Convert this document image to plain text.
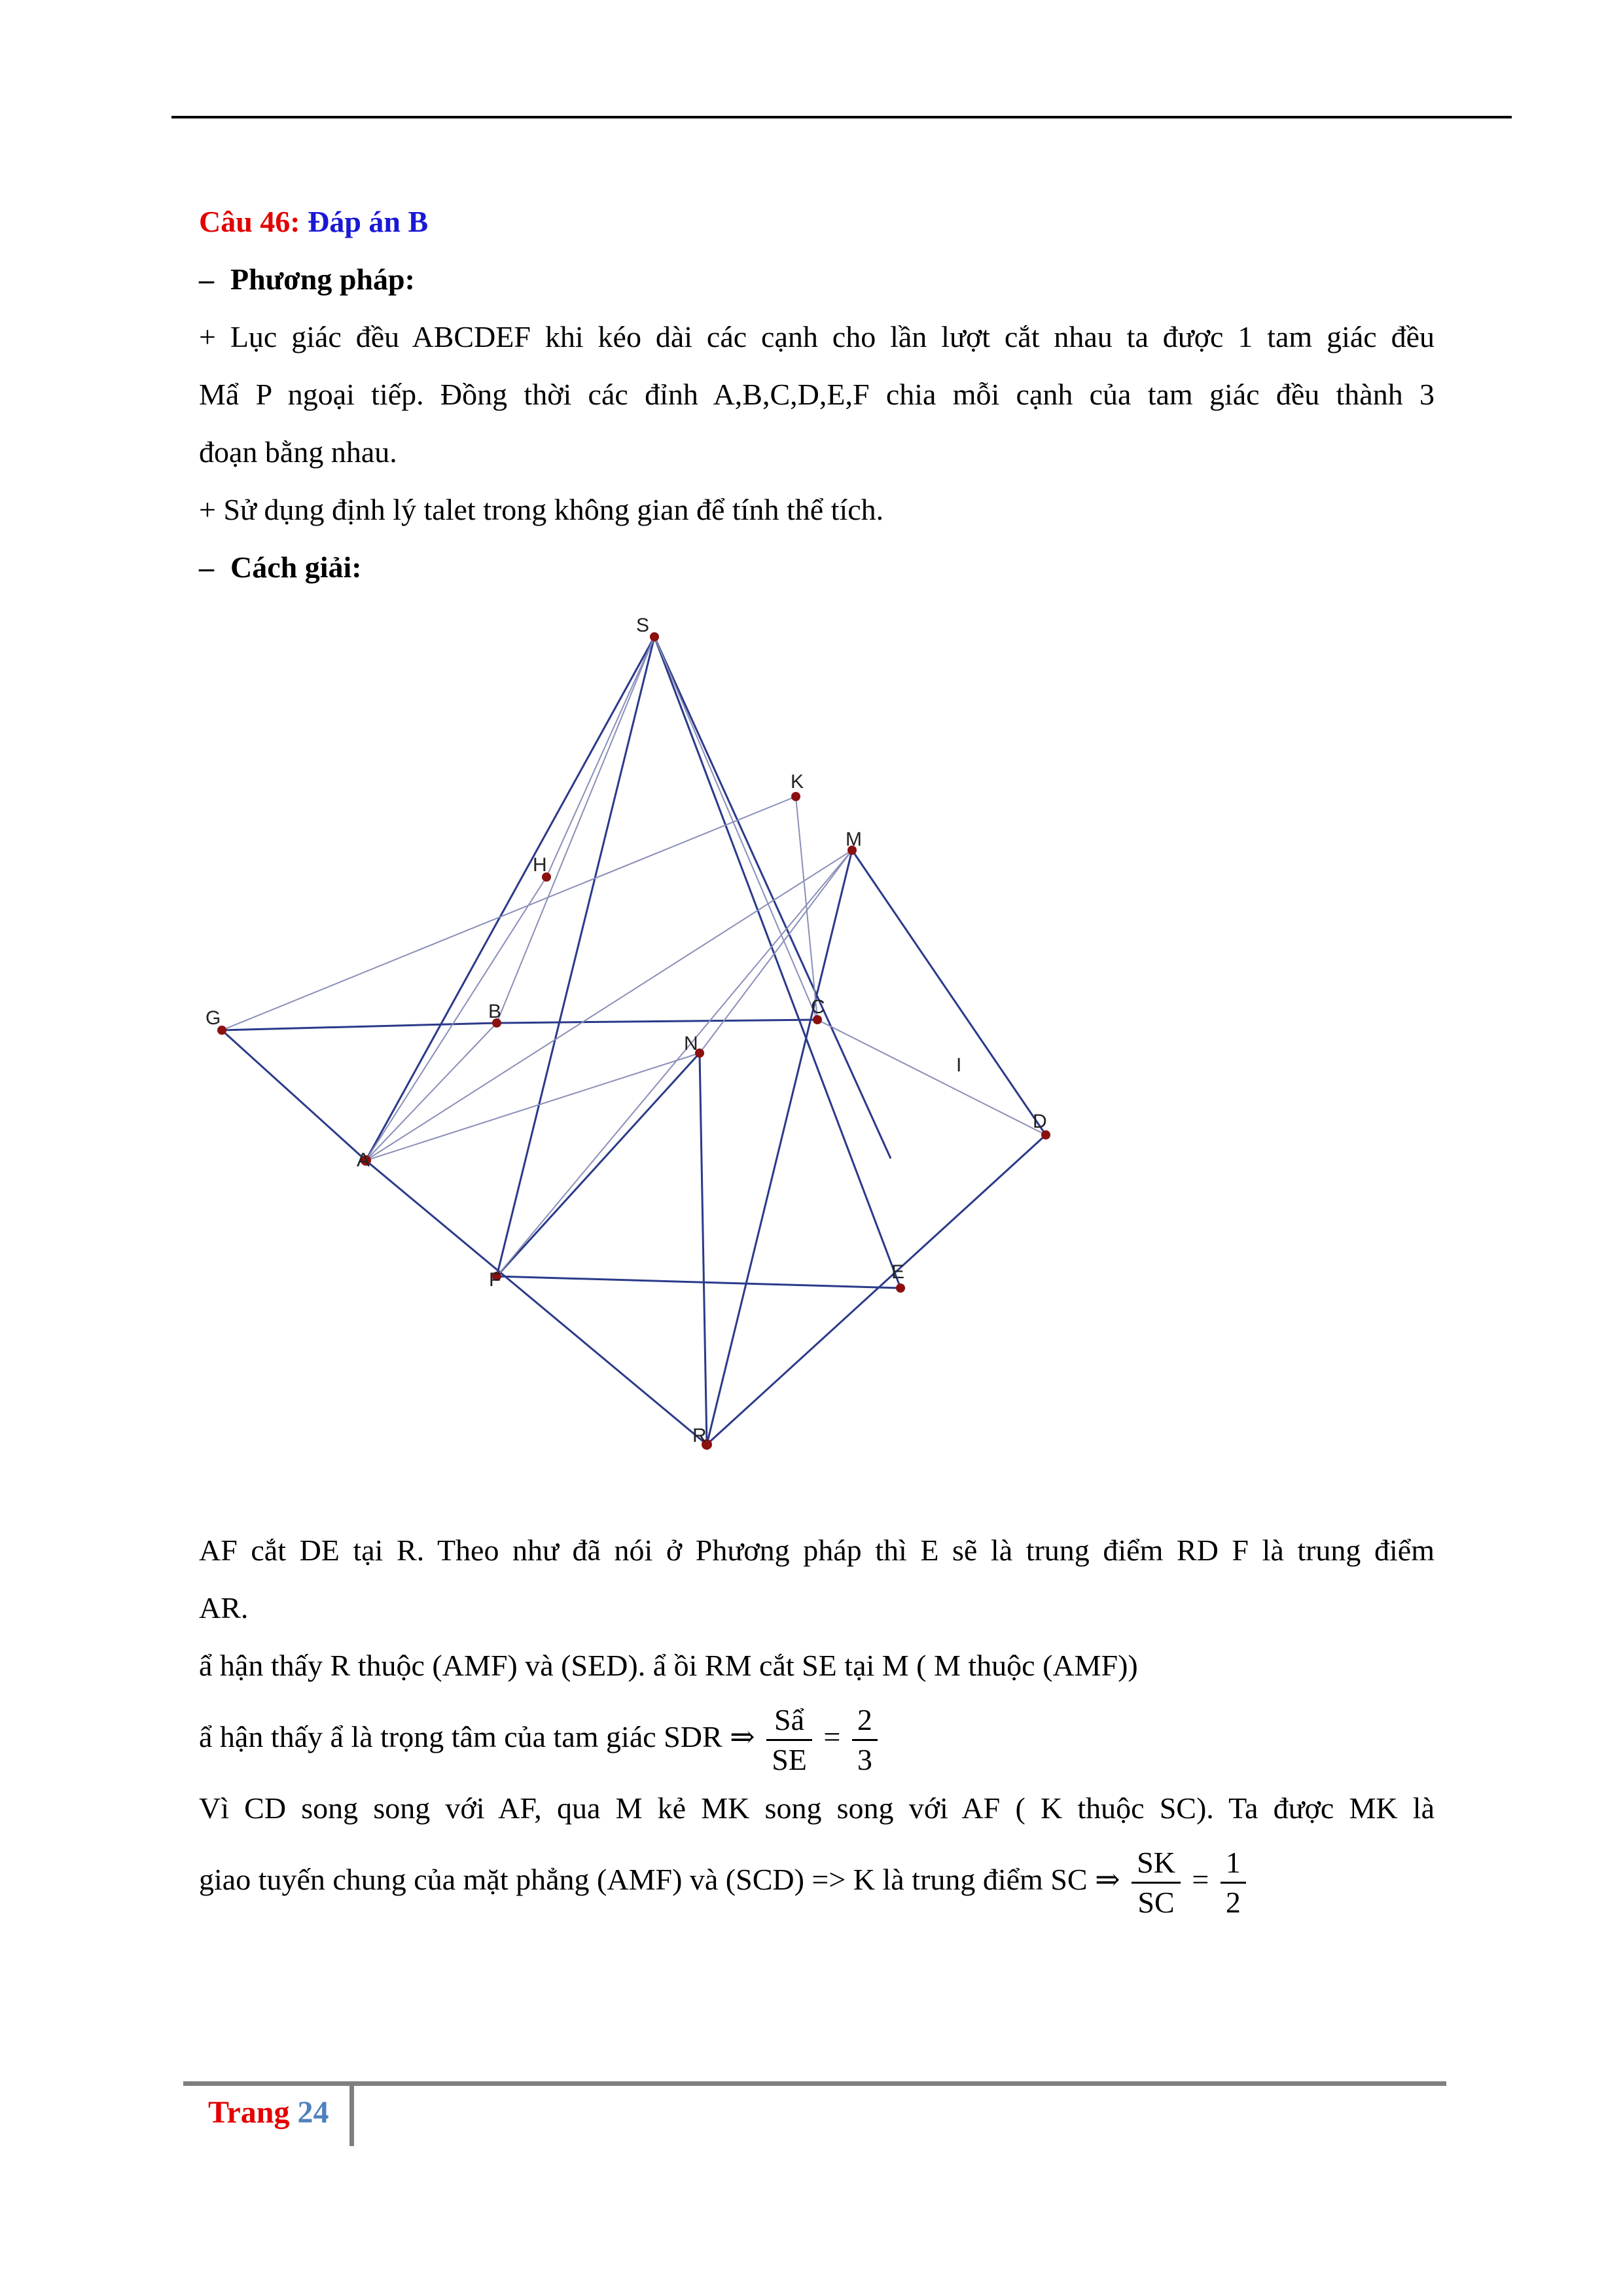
Câu 46: Đáp án B
– Phương pháp:
+ Lục giác đều ABCDEF khi kéo dài các cạnh cho lần lượt cắt nhau ta được 1 tam giác đều
Mẩ P ngoại tiếp. Đồng thời các đỉnh A,B,C,D,E,F chia mỗi cạnh của tam giác đều thành 3
đoạn bằng nhau.
+ Sử dụng định lý talet trong không gian để tính thể tích.
– Cách giải:
S
K
M
H
G	B	C
N
I
D
A
E
F
R
AF cắt DE tại R. Theo như đã nói ở Phương pháp thì E sẽ là trung điểm RD F là trung điểm
AR.
ẩ hận thấy R thuộc (AMF) và (SED). ẩ ồi RM cắt SE tại M ( M thuộc (AMF))
ẩ hận thấy ẩ là trọng tâm của tam giác SDR ⇒ $\frac{\text{Sẩ}}{SE} = \frac{2}{3}$
Vì CD song song với AF, qua M kẻ MK song song với AF ( K thuộc SC). Ta được MK là
giao tuyến chung của mặt phẳng (AMF) và (SCD) => K là trung điểm SC ⇒ $\frac{SK}{SC} = \frac{1}{2}$
Trang 24
